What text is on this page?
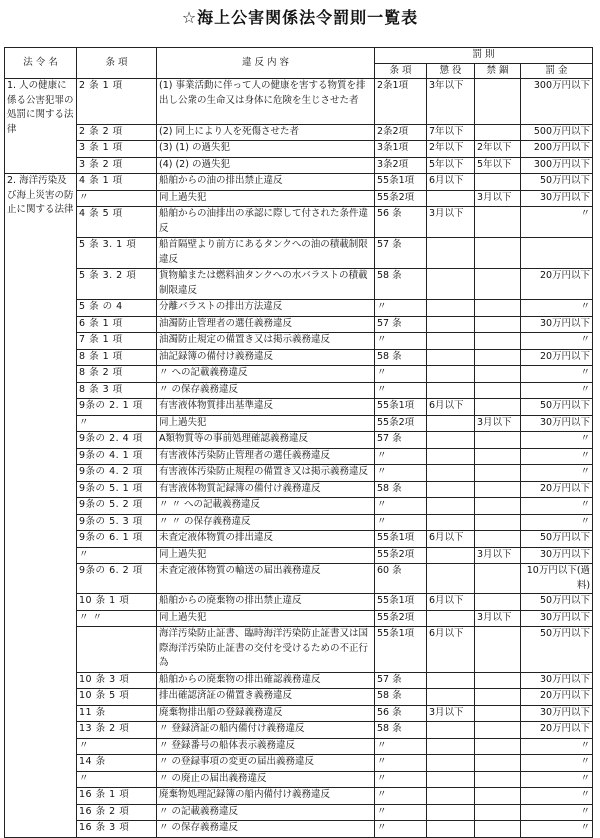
☆海上公害関係法令罰則一覧表
法 令 名	条 項	違 反 内 容	罰 則			
			条 項	懲 役	禁 錮	罰 金
1. 人の健康に係る公害犯罪の処罰に関する法律	2 条 1 項	(1) 事業活動に伴って人の健康を害する物質を排出し公衆の生命又は身体に危険を生じさせた者	2条1項	3年以下		300万円以下
	2 条 2 項	(2) 同上により人を死傷させた者	2条2項	7年以下		500万円以下
	3 条 1 項	(3) (1) の過失犯	3条1項	2年以下	2年以下	200万円以下
	3 条 2 項	(4) (2) の過失犯	3条2項	5年以下	5年以下	300万円以下
2. 海洋汚染及び海上災害の防止に関する法律	4 条 1 項	船舶からの油の排出禁止違反	55条1項	6月以下		50万円以下
	〃	同上過失犯	55条2項		3月以下	30万円以下
	4 条 5 項	船舶からの油排出の承認に際して付された条件違反	56 条	3月以下		〃
	5 条 3. 1 項	船首隔壁より前方にあるタンクへの油の積載制限違反	57 条			
	5 条 3. 2 項	貨物艙または燃料油タンクへの水バラストの積載制限違反	58 条			20万円以下
	5 条 の 4	分離バラストの排出方法違反	〃			〃
	6 条 1 項	油濁防止管理者の選任義務違反	57 条			30万円以下
	7 条 1 項	油濁防止規定の備置き又は掲示義務違反	〃			〃
	8 条 1 項	油記録簿の備付け義務違反	58 条			20万円以下
	8 条 2 項	〃 への記載義務違反	〃			〃
	8 条 3 項	〃 の保存義務違反	〃			〃
	9条の 2. 1 項	有害液体物質排出基準違反	55条1項	6月以下		50万円以下
	〃	同上過失犯	55条2項		3月以下	30万円以下
	9条の 2. 4 項	A類物質等の事前処理確認義務違反	57 条			〃
	9条の 4. 1 項	有害液体汚染防止管理者の選任義務違反	〃			〃
	9条の 4. 2 項	有害液体汚染防止規程の備置き又は掲示義務違反	〃			〃
	9条の 5. 1 項	有害液体物質記録簿の備付け義務違反	58 条			20万円以下
	9条の 5. 2 項	〃 〃 への記載義務違反	〃			〃
	9条の 5. 3 項	〃 〃 の保存義務違反	〃			〃
	9条の 6. 1 項	未査定液体物質の排出違反	55条1項	6月以下		50万円以下
	〃	同上過失犯	55条2項		3月以下	30万円以下
	9条の 6. 2 項	未査定液体物質の輸送の届出義務違反	60 条			10万円以下(過料)
	10 条 1 項	船舶からの廃棄物の排出禁止違反	55条1項	6月以下		50万円以下
	〃 〃	同上過失犯	55条2項		3月以下	30万円以下
		海洋汚染防止証書、臨時海洋汚染防止証書又は国際海洋汚染防止証書の交付を受けるための不正行為	55条1項	6月以下		50万円以下
	10 条 3 項	船舶からの廃棄物の排出確認義務違反	57 条			30万円以下
	10 条 5 項	排出確認済証の備置き義務違反	58 条			20万円以下
	11 条	廃棄物排出船の登録義務違反	56 条	3月以下		30万円以下
	13 条 2 項	〃 登録済証の船内備付け義務違反	58 条			20万円以下
	〃	〃 登録番号の船体表示義務違反	〃			〃
	14 条	〃 の登録事項の変更の届出義務違反	〃			〃
	〃	〃 の廃止の届出義務違反	〃			〃
	16 条 1 項	廃棄物処理記録簿の船内備付け義務違反	〃			〃
	16 条 2 項	〃 の記載義務違反	〃			〃
	16 条 3 項	〃 の保存義務違反	〃			〃
